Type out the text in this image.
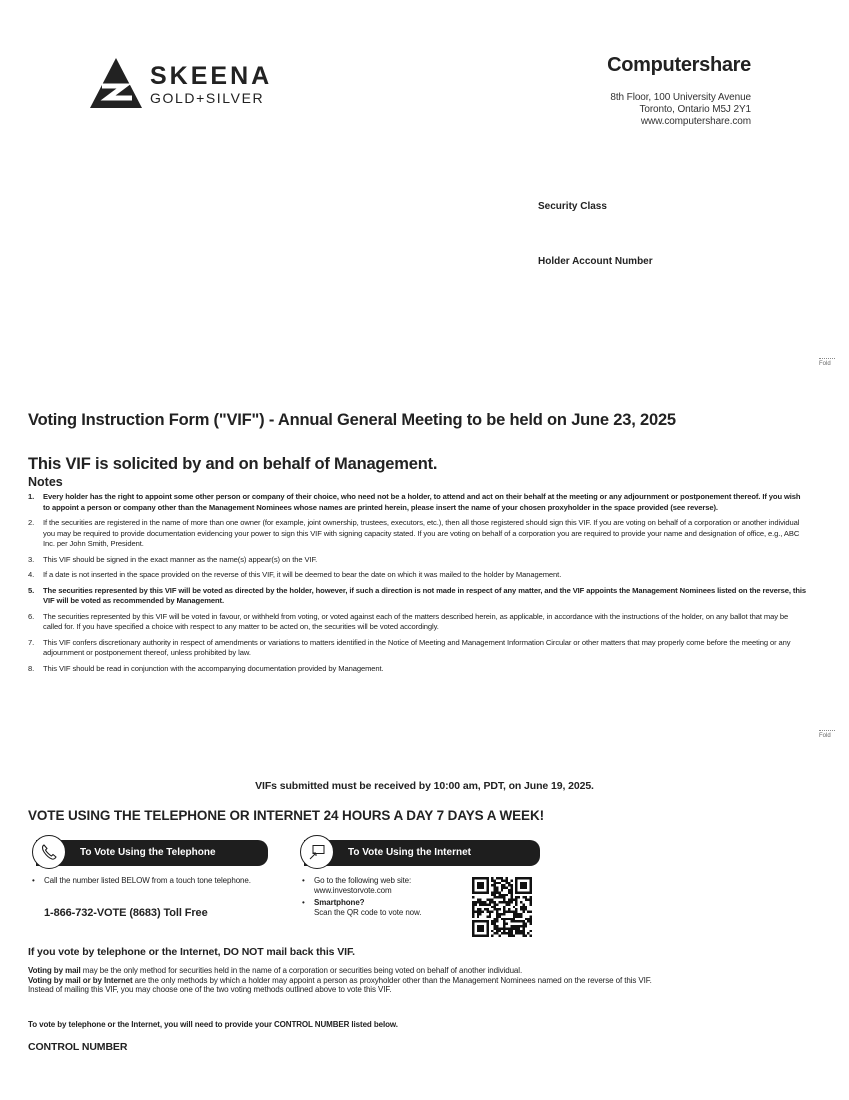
SKEENA
GOLD+SILVER
Computershare
8th Floor, 100 University Avenue
Toronto, Ontario M5J 2Y1
www.computershare.com
Security Class
Holder Account Number
Fold
Fold
Voting Instruction Form ("VIF") - Annual General Meeting to be held on June 23, 2025
This VIF is solicited by and on behalf of Management.
Notes
1. Every holder has the right to appoint some other person or company of their choice, who need not be a holder, to attend and act on their behalf at the meeting or any adjournment or postponement thereof. If you wish to appoint a person or company other than the Management Nominees whose names are printed herein, please insert the name of your chosen proxyholder in the space provided (see reverse).
2. If the securities are registered in the name of more than one owner (for example, joint ownership, trustees, executors, etc.), then all those registered should sign this VIF. If you are voting on behalf of a corporation or another individual you may be required to provide documentation evidencing your power to sign this VIF with signing capacity stated. If you are voting on behalf of a corporation you are required to provide your name and designation of office, e.g., ABC Inc. per John Smith, President.
3. This VIF should be signed in the exact manner as the name(s) appear(s) on the VIF.
4. If a date is not inserted in the space provided on the reverse of this VIF, it will be deemed to bear the date on which it was mailed to the holder by Management.
5. The securities represented by this VIF will be voted as directed by the holder, however, if such a direction is not made in respect of any matter, and the VIF appoints the Management Nominees listed on the reverse, this VIF will be voted as recommended by Management.
6. The securities represented by this VIF will be voted in favour, or withheld from voting, or voted against each of the matters described herein, as applicable, in accordance with the instructions of the holder, on any ballot that may be called for. If you have specified a choice with respect to any matter to be acted on, the securities will be voted accordingly.
7. This VIF confers discretionary authority in respect of amendments or variations to matters identified in the Notice of Meeting and Management Information Circular or other matters that may properly come before the meeting or any adjournment or postponement thereof, unless prohibited by law.
8. This VIF should be read in conjunction with the accompanying documentation provided by Management.
VIFs submitted must be received by 10:00 am, PDT, on June 19, 2025.
VOTE USING THE TELEPHONE OR INTERNET 24 HOURS A DAY 7 DAYS A WEEK!
To Vote Using the Telephone
• Call the number listed BELOW from a touch tone telephone.
1-866-732-VOTE (8683) Toll Free
To Vote Using the Internet
• Go to the following web site:
www.investorvote.com
• Smartphone?
Scan the QR code to vote now.
If you vote by telephone or the Internet, DO NOT mail back this VIF.
Voting by mail may be the only method for securities held in the name of a corporation or securities being voted on behalf of another individual.
Voting by mail or by Internet are the only methods by which a holder may appoint a person as proxyholder other than the Management Nominees named on the reverse of this VIF.
Instead of mailing this VIF, you may choose one of the two voting methods outlined above to vote this VIF.
To vote by telephone or the Internet, you will need to provide your CONTROL NUMBER listed below.
CONTROL NUMBER
